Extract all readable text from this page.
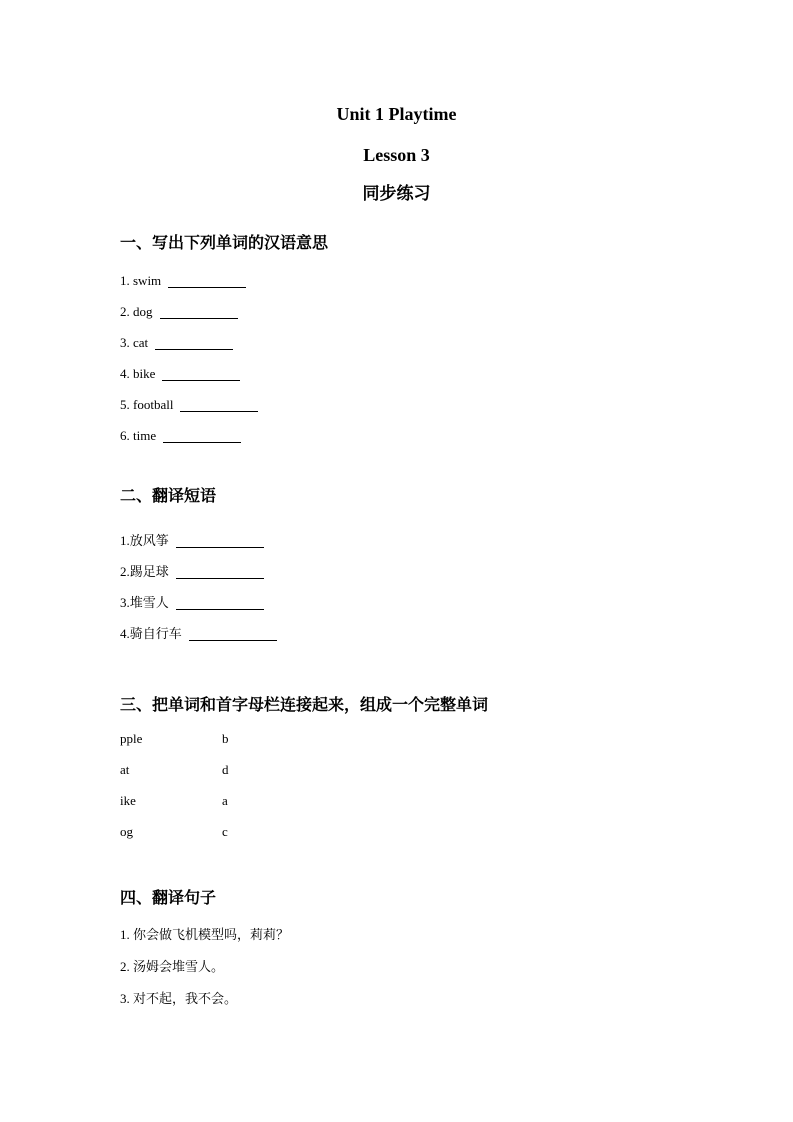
Unit 1 Playtime
Lesson 3
同步练习
一、写出下列单词的汉语意思
1. swim
2. dog
3. cat
4. bike
5. football
6. time
二、翻译短语
1.放风筝
2.踢足球
3.堆雪人
4.骑自行车
三、把单词和首字母栏连接起来，组成一个完整单词
pple	b
at	d
ike	a
og	c
四、翻译句子
1. 你会做飞机模型吗，莉莉？
2. 汤姆会堆雪人。
3. 对不起，我不会。
